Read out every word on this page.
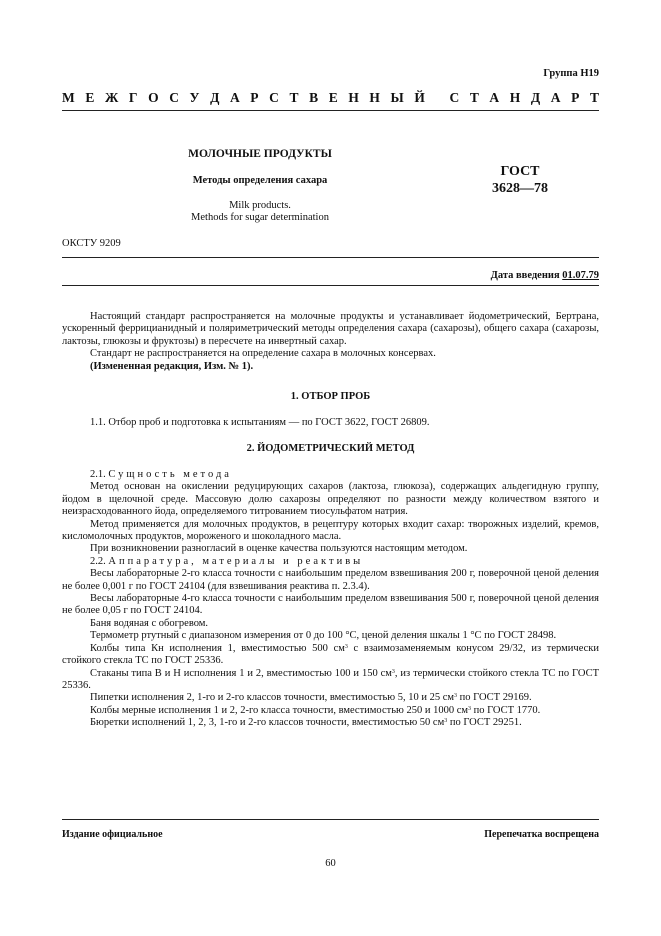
Группа Н19
М Е Ж Г О С У Д А Р С Т В Е Н Н Ы Й
С Т А Н Д А Р Т
МОЛОЧНЫЕ ПРОДУКТЫ
Методы определения сахара
Milk products.
Methods for sugar determination
ГОСТ
3628—78
ОКСТУ 9209
Дата введения 01.07.79

Настоящий стандарт распространяется на молочные продукты и устанавливает йодометрический, Бертрана, ускоренный феррицианидный и поляриметрический методы определения сахара (сахарозы), общего сахара (сахарозы, лактозы, глюкозы и фруктозы) в пересчете на инвертный сахар.

Стандарт не распространяется на определение сахара в молочных консервах.

(Измененная редакция, Изм. № 1).

1. ОТБОР ПРОБ

1.1. Отбор проб и подготовка к испытаниям — по ГОСТ 3622, ГОСТ 26809.

2. ЙОДОМЕТРИЧЕСКИЙ МЕТОД

2.1. Сущность метода

Метод основан на окислении редуцирующих сахаров (лактоза, глюкоза), содержащих альдегидную группу, йодом в щелочной среде. Массовую долю сахарозы определяют по разности между количеством взятого и неизрасходованного йода, определяемого титрованием тиосульфатом натрия.

Метод применяется для молочных продуктов, в рецептуру которых входит сахар: творожных изделий, кремов, кисломолочных продуктов, мороженого и шоколадного масла.

При возникновении разногласий в оценке качества пользуются настоящим методом.

2.2. Аппаратура, материалы и реактивы

Весы лабораторные 2-го класса точности с наибольшим пределом взвешивания 200 г, поверочной ценой деления не более 0,001 г по ГОСТ 24104 (для взвешивания реактива п. 2.3.4).

Весы лабораторные 4-го класса точности с наибольшим пределом взвешивания 500 г, поверочной ценой деления не более 0,05 г по ГОСТ 24104.

Баня водяная с обогревом.

Термометр ртутный с диапазоном измерения от 0 до 100 °С, ценой деления шкалы 1 °С по ГОСТ 28498.

Колбы типа Кн исполнения 1, вместимостью 500 $см^3$ с взаимозаменяемым конусом 29/32, из термически стойкого стекла ТС по ГОСТ 25336.

Стаканы типа В и Н исполнения 1 и 2, вместимостью 100 и 150 $см^3$, из термически стойкого стекла ТС по ГОСТ 25336.

Пипетки исполнения 2, 1-го и 2-го классов точности, вместимостью 5, 10 и 25 $см^3$ по ГОСТ 29169.

Колбы мерные исполнения 1 и 2, 2-го класса точности, вместимостью 250 и 1000 $см^3$ по ГОСТ 1770.

Бюретки исполнений 1, 2, 3, 1-го и 2-го классов точности, вместимостью 50 $см^3$ по ГОСТ 29251.

Издание официальное	Перепечатка воспрещена
60
